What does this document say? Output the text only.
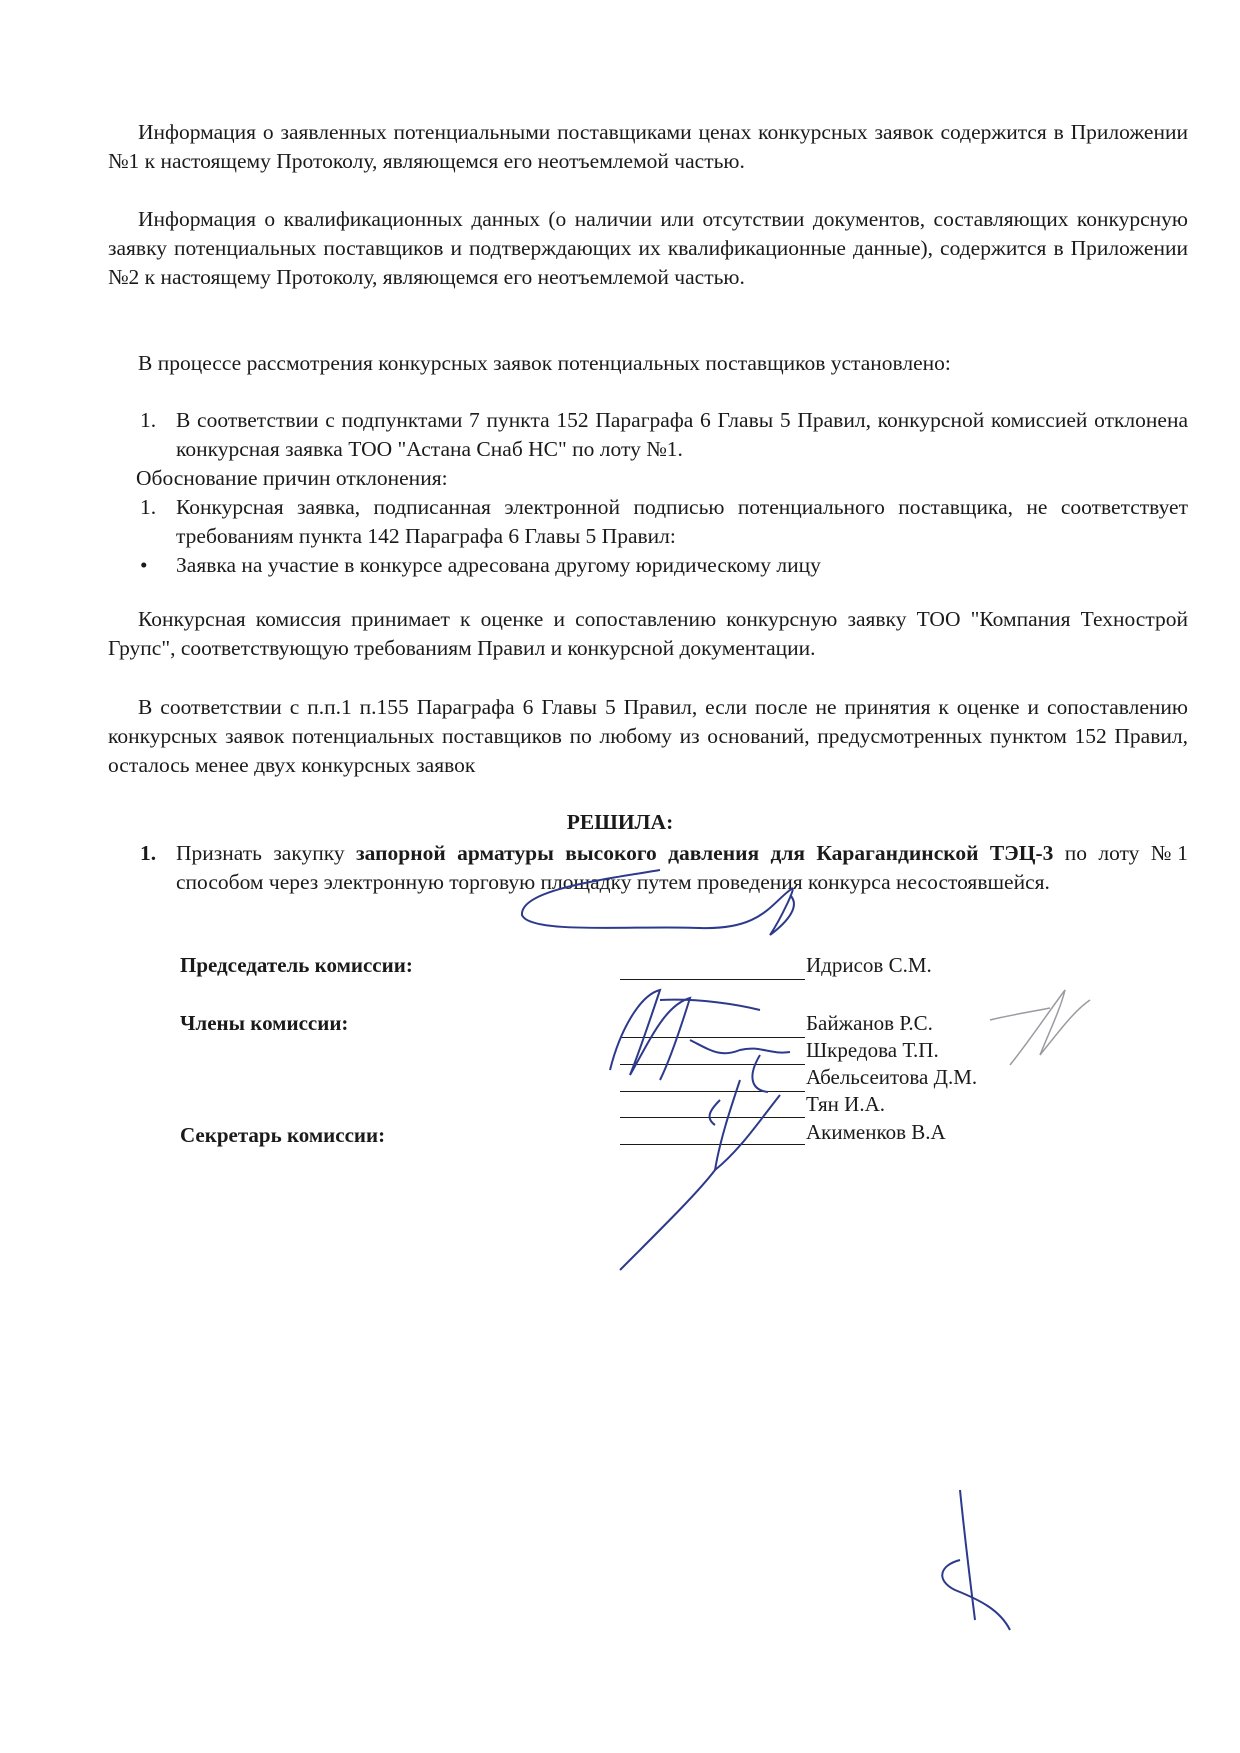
Информация о заявленных потенциальными поставщиками ценах конкурсных заявок содержится в Приложении №1 к настоящему Протоколу, являющемся его неотъемлемой частью.

Информация о квалификационных данных (о наличии или отсутствии документов, составляющих конкурсную заявку потенциальных поставщиков и подтверждающих их квалификационные данные), содержится в Приложении №2 к настоящему Протоколу, являющемся его неотъемлемой частью.

В процессе рассмотрения конкурсных заявок потенциальных поставщиков установлено:

1. В соответствии с подпунктами 7 пункта 152 Параграфа 6 Главы 5 Правил, конкурсной комиссией отклонена конкурсная заявка ТОО "Астана Снаб НС" по лоту №1.
Обоснование причин отклонения:
1. Конкурсная заявка, подписанная электронной подписью потенциального поставщика, не соответствует требованиям пункта 142 Параграфа 6 Главы 5 Правил:
•	Заявка на участие в конкурсе адресована другому юридическому лицу

Конкурсная комиссия принимает к оценке и сопоставлению конкурсную заявку ТОО "Компания Технострой Групс", соответствующую требованиям Правил и конкурсной документации.

В соответствии с п.п.1 п.155 Параграфа 6 Главы 5 Правил, если после не принятия к оценке и сопоставлению конкурсных заявок потенциальных поставщиков по любому из оснований, предусмотренных пунктом 152 Правил, осталось менее двух конкурсных заявок

РЕШИЛА:
1. Признать закупку запорной арматуры высокого давления для Карагандинской ТЭЦ-3 по лоту №1 способом через электронную торговую площадку путем проведения конкурса несостоявшейся.
Председатель комиссии:	Идрисов С.М.
Члены комиссии:	Байжанов Р.С.
Шкредова Т.П.
Абельсеитова Д.М.
Тян И.А.
Секретарь комиссии:	Акименков В.А
